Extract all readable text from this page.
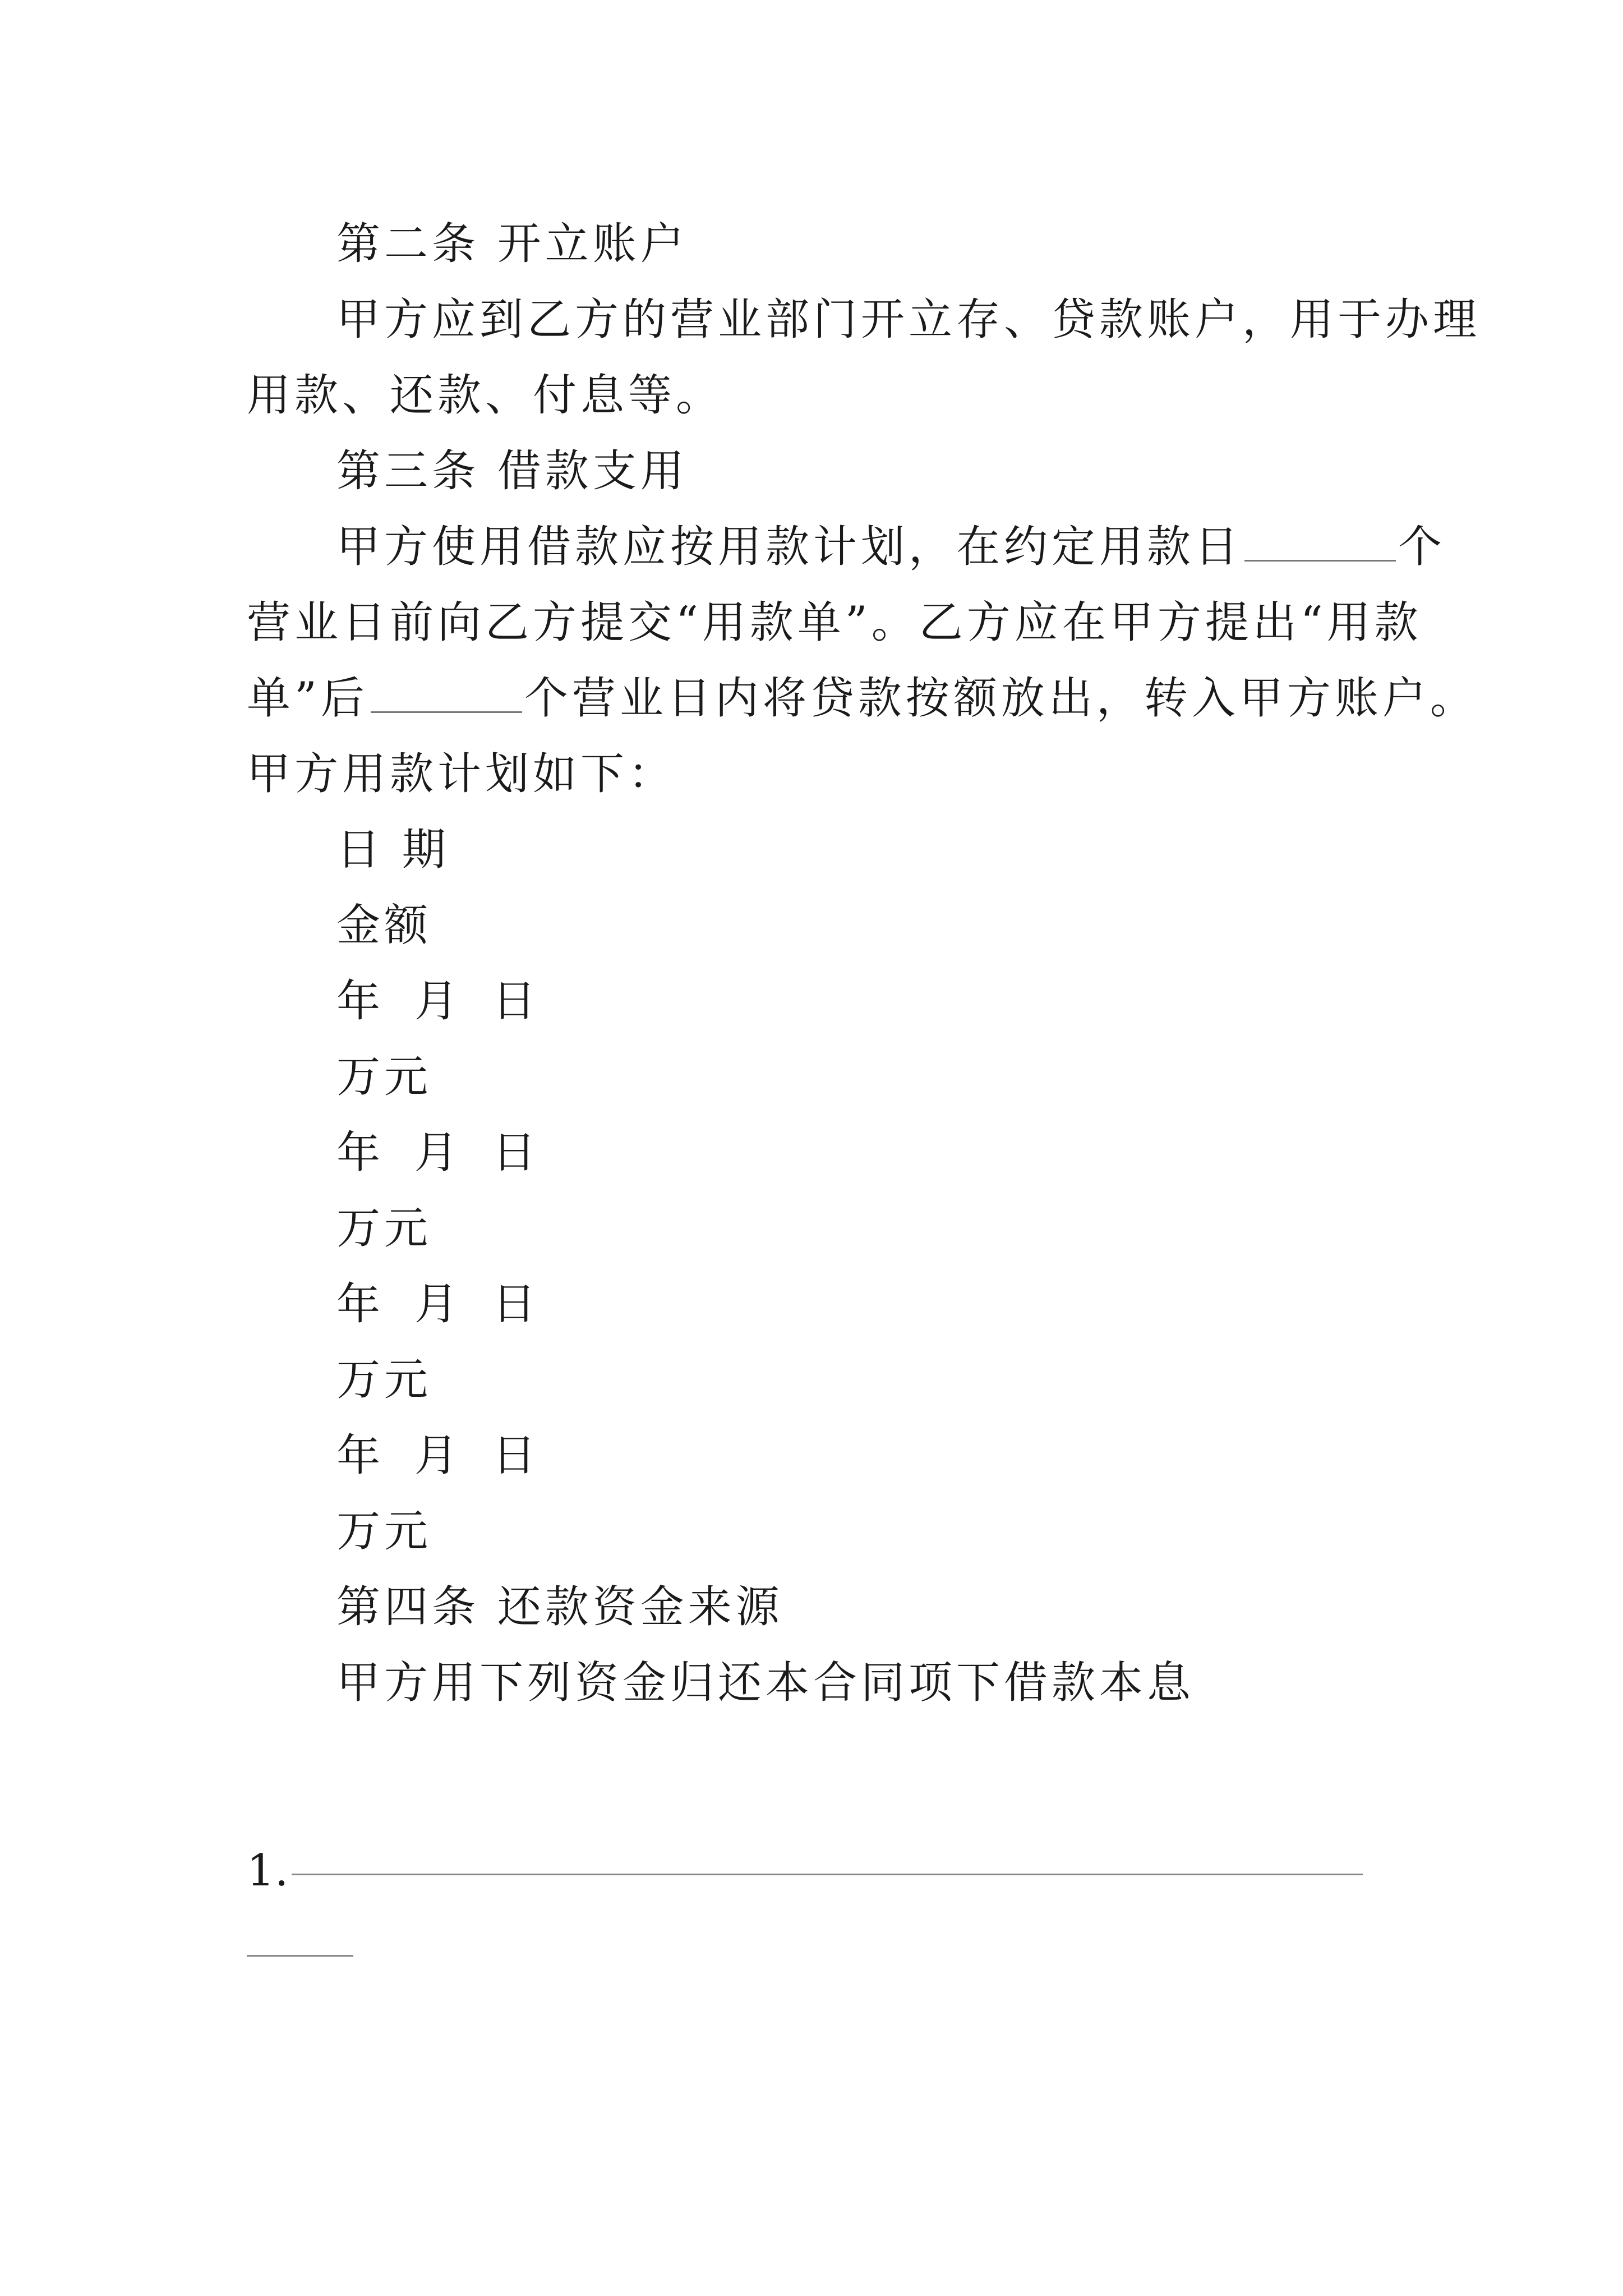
第二条 开立账户

甲方应到乙方的营业部门开立存、贷款账户，用于办理

用款、还款、付息等。

第三条 借款支用

甲方使用借款应按用款计划，在约定用款日	个

营业日前向乙方提交“用款单”。乙方应在甲方提出“用款

单”后	个营业日内将贷款按额放出，转入甲方账户。

甲方用款计划如下：

日 期

金额

年 月 日

万元

年 月 日

万元

年 月 日

万元

年 月 日

万元

第四条 还款资金来源

甲方用下列资金归还本合同项下借款本息

1.
